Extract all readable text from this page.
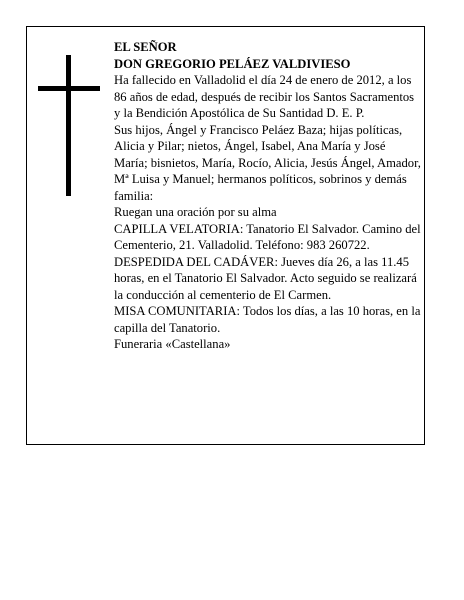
EL SEÑOR

DON GREGORIO PELÁEZ VALDIVIESO

Ha fallecido en Valladolid el día 24 de enero de 2012, a los 86 años de edad, después de recibir los Santos Sacramentos y la Bendición Apostólica de Su Santidad D. E. P.

Sus hijos, Ángel y Francisco Peláez Baza; hijas políticas, Alicia y Pilar; nietos, Ángel, Isabel, Ana María y José María; bisnietos, María, Rocío, Alicia, Jesús Ángel, Amador, Mª Luisa y Manuel; hermanos políticos, sobrinos y demás familia:

Ruegan una oración por su alma

CAPILLA VELATORIA: Tanatorio El Salvador. Camino del Cementerio, 21. Valladolid. Teléfono: 983 260722.

DESPEDIDA DEL CADÁVER: Jueves día 26, a las 11.45 horas, en el Tanatorio El Salvador. Acto seguido se realizará la conducción al cementerio de El Carmen.

MISA COMUNITARIA: Todos los días, a las 10 horas, en la capilla del Tanatorio.

Funeraria «Castellana»
